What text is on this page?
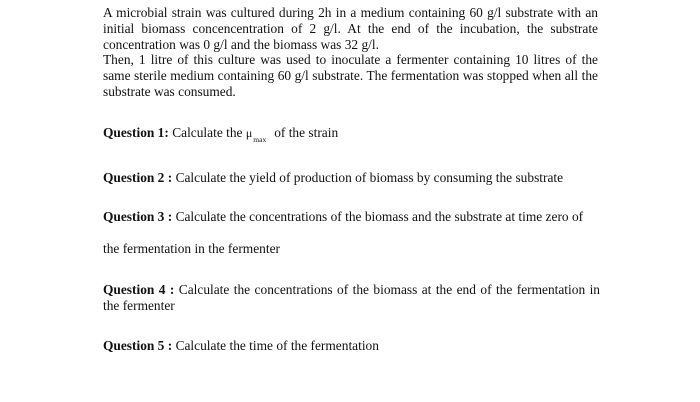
A microbial strain was cultured during 2h in a medium containing 60 g/l substrate with an initial biomass concencentration of 2 g/l. At the end of the incubation, the substrate concentration was 0 g/l and the biomass was 32 g/l.

Then, 1 litre of this culture was used to inoculate a fermenter containing 10 litres of the same sterile medium containing 60 g/l substrate. The fermentation was stopped when all the substrate was consumed.

Question 1: Calculate the $\mu_{max}$ of the strain

Question 2 : Calculate the yield of production of biomass by consuming the substrate

Question 3 : Calculate the concentrations of the biomass and the substrate at time zero of

the fermentation in the fermenter

Question 4 : Calculate the concentrations of the biomass at the end of the fermentation in the fermenter

Question 5 : Calculate the time of the fermentation
